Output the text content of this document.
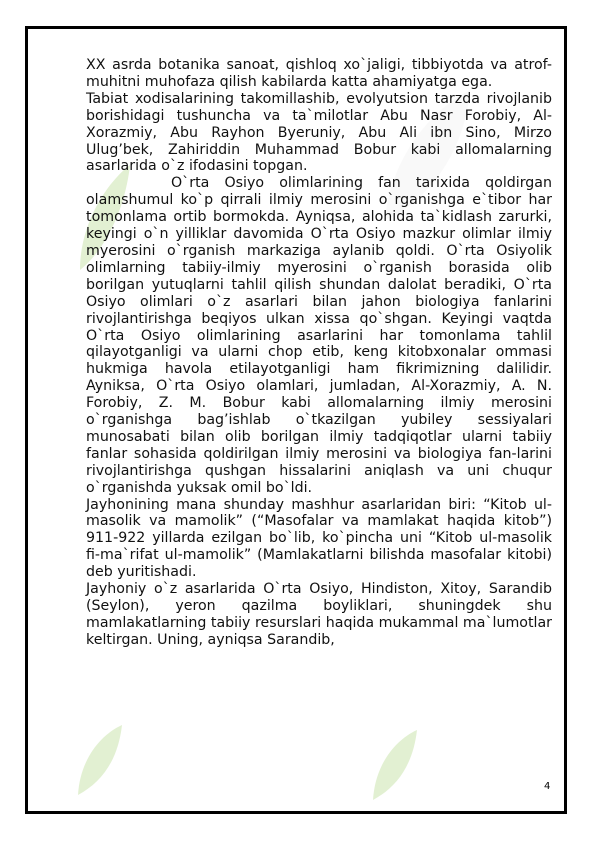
XX asrda botanika sanoat, qishloq xo`jaligi, tibbiyotda va atrof-muhitni muhofaza qilish kabilarda katta ahamiyatga ega.

Tabiat xodisalarining takomillashib, evolyutsion tarzda rivojlanib borishidagi tushuncha va ta`milotlar Abu Nasr Forobiy, Al-Xorazmiy, Abu Rayhon Byeruniy, Abu Ali ibn Sino, Mirzo Ulug’bek, Zahiriddin Muhammad Bobur kabi allomalarning asarlarida o`z ifodasini topgan.

O`rta Osiyo olimlarining fan tarixida qoldirgan olamshumul ko`p qirrali ilmiy merosini o`rganishga e`tibor har tomonlama ortib bormokda. Ayniqsa, alohida ta`kidlash zarurki, keyingi o`n yilliklar davomida O`rta Osiyo mazkur olimlar ilmiy myerosini o`rganish markaziga aylanib qoldi. O`rta Osiyolik olimlarning tabiiy-ilmiy myerosini o`rganish borasida olib borilgan yutuqlarni tahlil qilish shundan dalolat beradiki, O`rta Osiyo olimlari o`z asarlari bilan jahon biologiya fanlarini rivojlantirishga beqiyos ulkan xissa qo`shgan. Keyingi vaqtda O`rta Osiyo olimlarining asarlarini har tomonlama tahlil qilayotganligi va ularni chop etib, keng kitobxonalar ommasi hukmiga havola etilayotganligi ham fikrimizning dalilidir. Ayniksa, O`rta Osiyo olamlari, jumladan, Al-Xorazmiy, A. N. Forobiy, Z. M. Bobur kabi allomalarning ilmiy merosini o`rganishga bag’ishlab o`tkazilgan yubiley sessiyalari munosabati bilan olib borilgan ilmiy tadqiqotlar ularni tabiiy fanlar sohasida qoldirilgan ilmiy merosini va biologiya fan-larini rivojlantirishga qushgan hissalarini aniqlash va uni chuqur o`rganishda yuksak omil bo`ldi.

Jayhonining mana shunday mashhur asarlaridan biri: “Kitob ul-masolik va mamolik” (“Masofalar va mamlakat haqida kitob”) 911-922 yillarda ezilgan bo`lib, ko`pincha uni “Kitob ul-masolik fi-ma`rifat ul-mamolik” (Mamlakatlarni bilishda masofalar kitobi) deb yuritishadi.

Jayhoniy o`z asarlarida O`rta Osiyo, Hindiston, Xitoy, Sarandib (Seylon), yeron qazilma boyliklari, shuningdek shu mamlakatlarning tabiiy resurslari haqida mukammal ma`lumotlar keltirgan. Uning, ayniqsa Sarandib,

4
